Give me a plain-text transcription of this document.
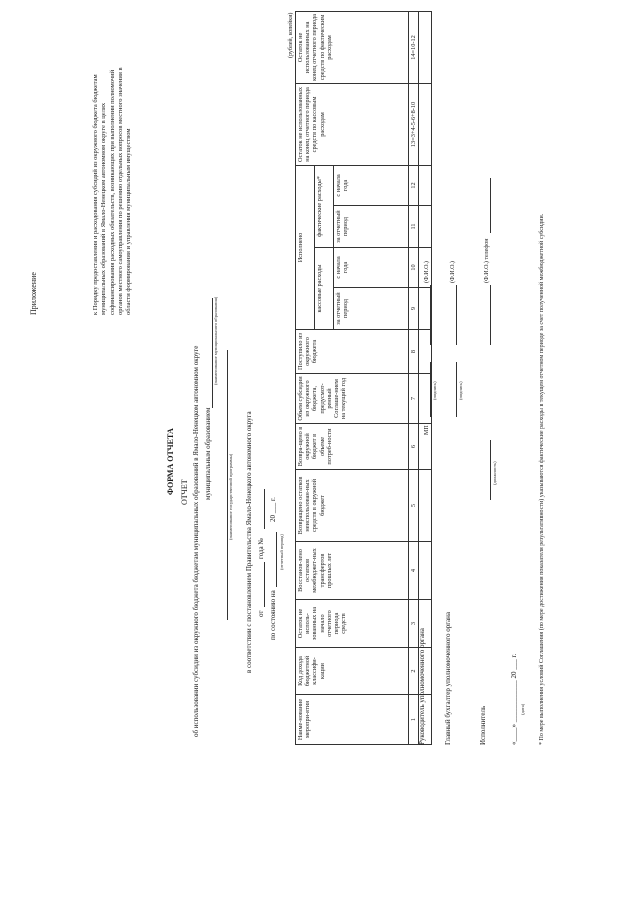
Приложение	к Порядку предоставления и расходования субсидий из окружного бюджета бюджетам муниципальных образований в Ямало-Ненецком автономном округе в целях софинансирования расходных обязательств, возникающих при выполнении полномочий органов местного самоуправления по решению отдельных вопросов местного значения в области формирования и управления муниципальным имуществом
ФОРМА ОТЧЕТА ОТЧЕТ об использовании субсидии из окружного бюджета бюджетам муниципальных образований в Ямало-Ненецком автономном округе муниципальным образованием
(наименование муниципального образования)
(наименование государственной программы) в соответствии с постановлением Правительства Ямало-Ненецкого автономного округа от
года №
по состоянию на
20 ___ г.
(отчетный период)
(рублей, копейки)
Наиме-нование меропри-ятия	Код дохода бюджетной классифи-кации	Остаток не исполь-зованных на начало отчетного периода средств	Восстанов-лено остатков межбюджет-ных трансфертов прошлых лет	Возвращено остатков неиспользован-ных средств в окружной бюджет	Возвра-щено в окружной бюджет в объеме потреб-ности	Объем субсидии из окружного бюджета, предусмот-ренный Соглаше-нием на текущий год	Поступило из окружного бюджета	Исполнено				Остаток не использованных на конец отчетного периода средств по кассовым расходам	Остаток не использованных на конец отчетного периода средств по фактическим расходам
								кассовые расходы		фактические расходы*			
								за отчетный период	с начала года	за отчетный период	с начала года		
1	2	3	4	5	6	7	8	9	10	11	12	13=3+4-5-6+8-10	14=10-12

Руководитель уполномоченного органа
МП
(подпись)
(Ф.И.О.)
Главный бухгалтер уполномоченного органа
(подпись)
(Ф.И.О.)
Исполнитель
(должность)
(Ф.И.О.) телефон
«____» ____________ 20 ___ г. (дата) * По мере выполнения условий Соглашения (по мере достижения показателя результативности) указываются фактические расходы в текущем отчетном периоде за счет полученной межбюджетной субсидии.
